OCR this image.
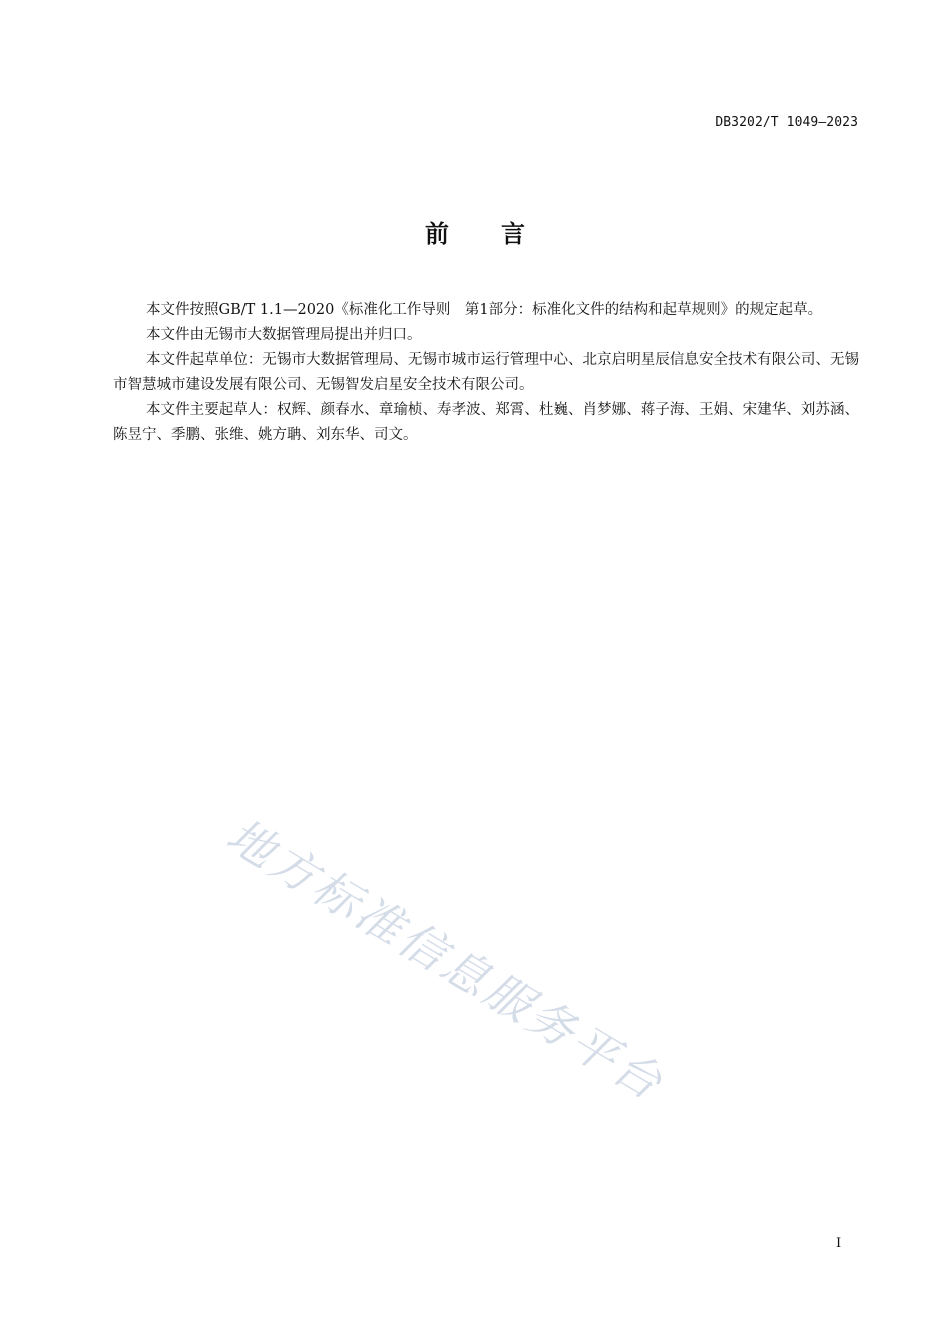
DB3202/T 1049—2023
前 言

本文件按照GB/T 1.1—2020《标准化工作导则　第1部分：标准化文件的结构和起草规则》的规定起草。

本文件由无锡市大数据管理局提出并归口。

本文件起草单位：无锡市大数据管理局、无锡市城市运行管理中心、北京启明星辰信息安全技术有限公司、无锡市智慧城市建设发展有限公司、无锡智发启星安全技术有限公司。

本文件主要起草人：权辉、颜春水、章瑜桢、寿孝波、郑霄、杜巍、肖梦娜、蒋子海、王娟、宋建华、刘苏涵、陈昱宁、季鹏、张维、姚方聃、刘东华、司文。

地方标准信息服务平台
I
